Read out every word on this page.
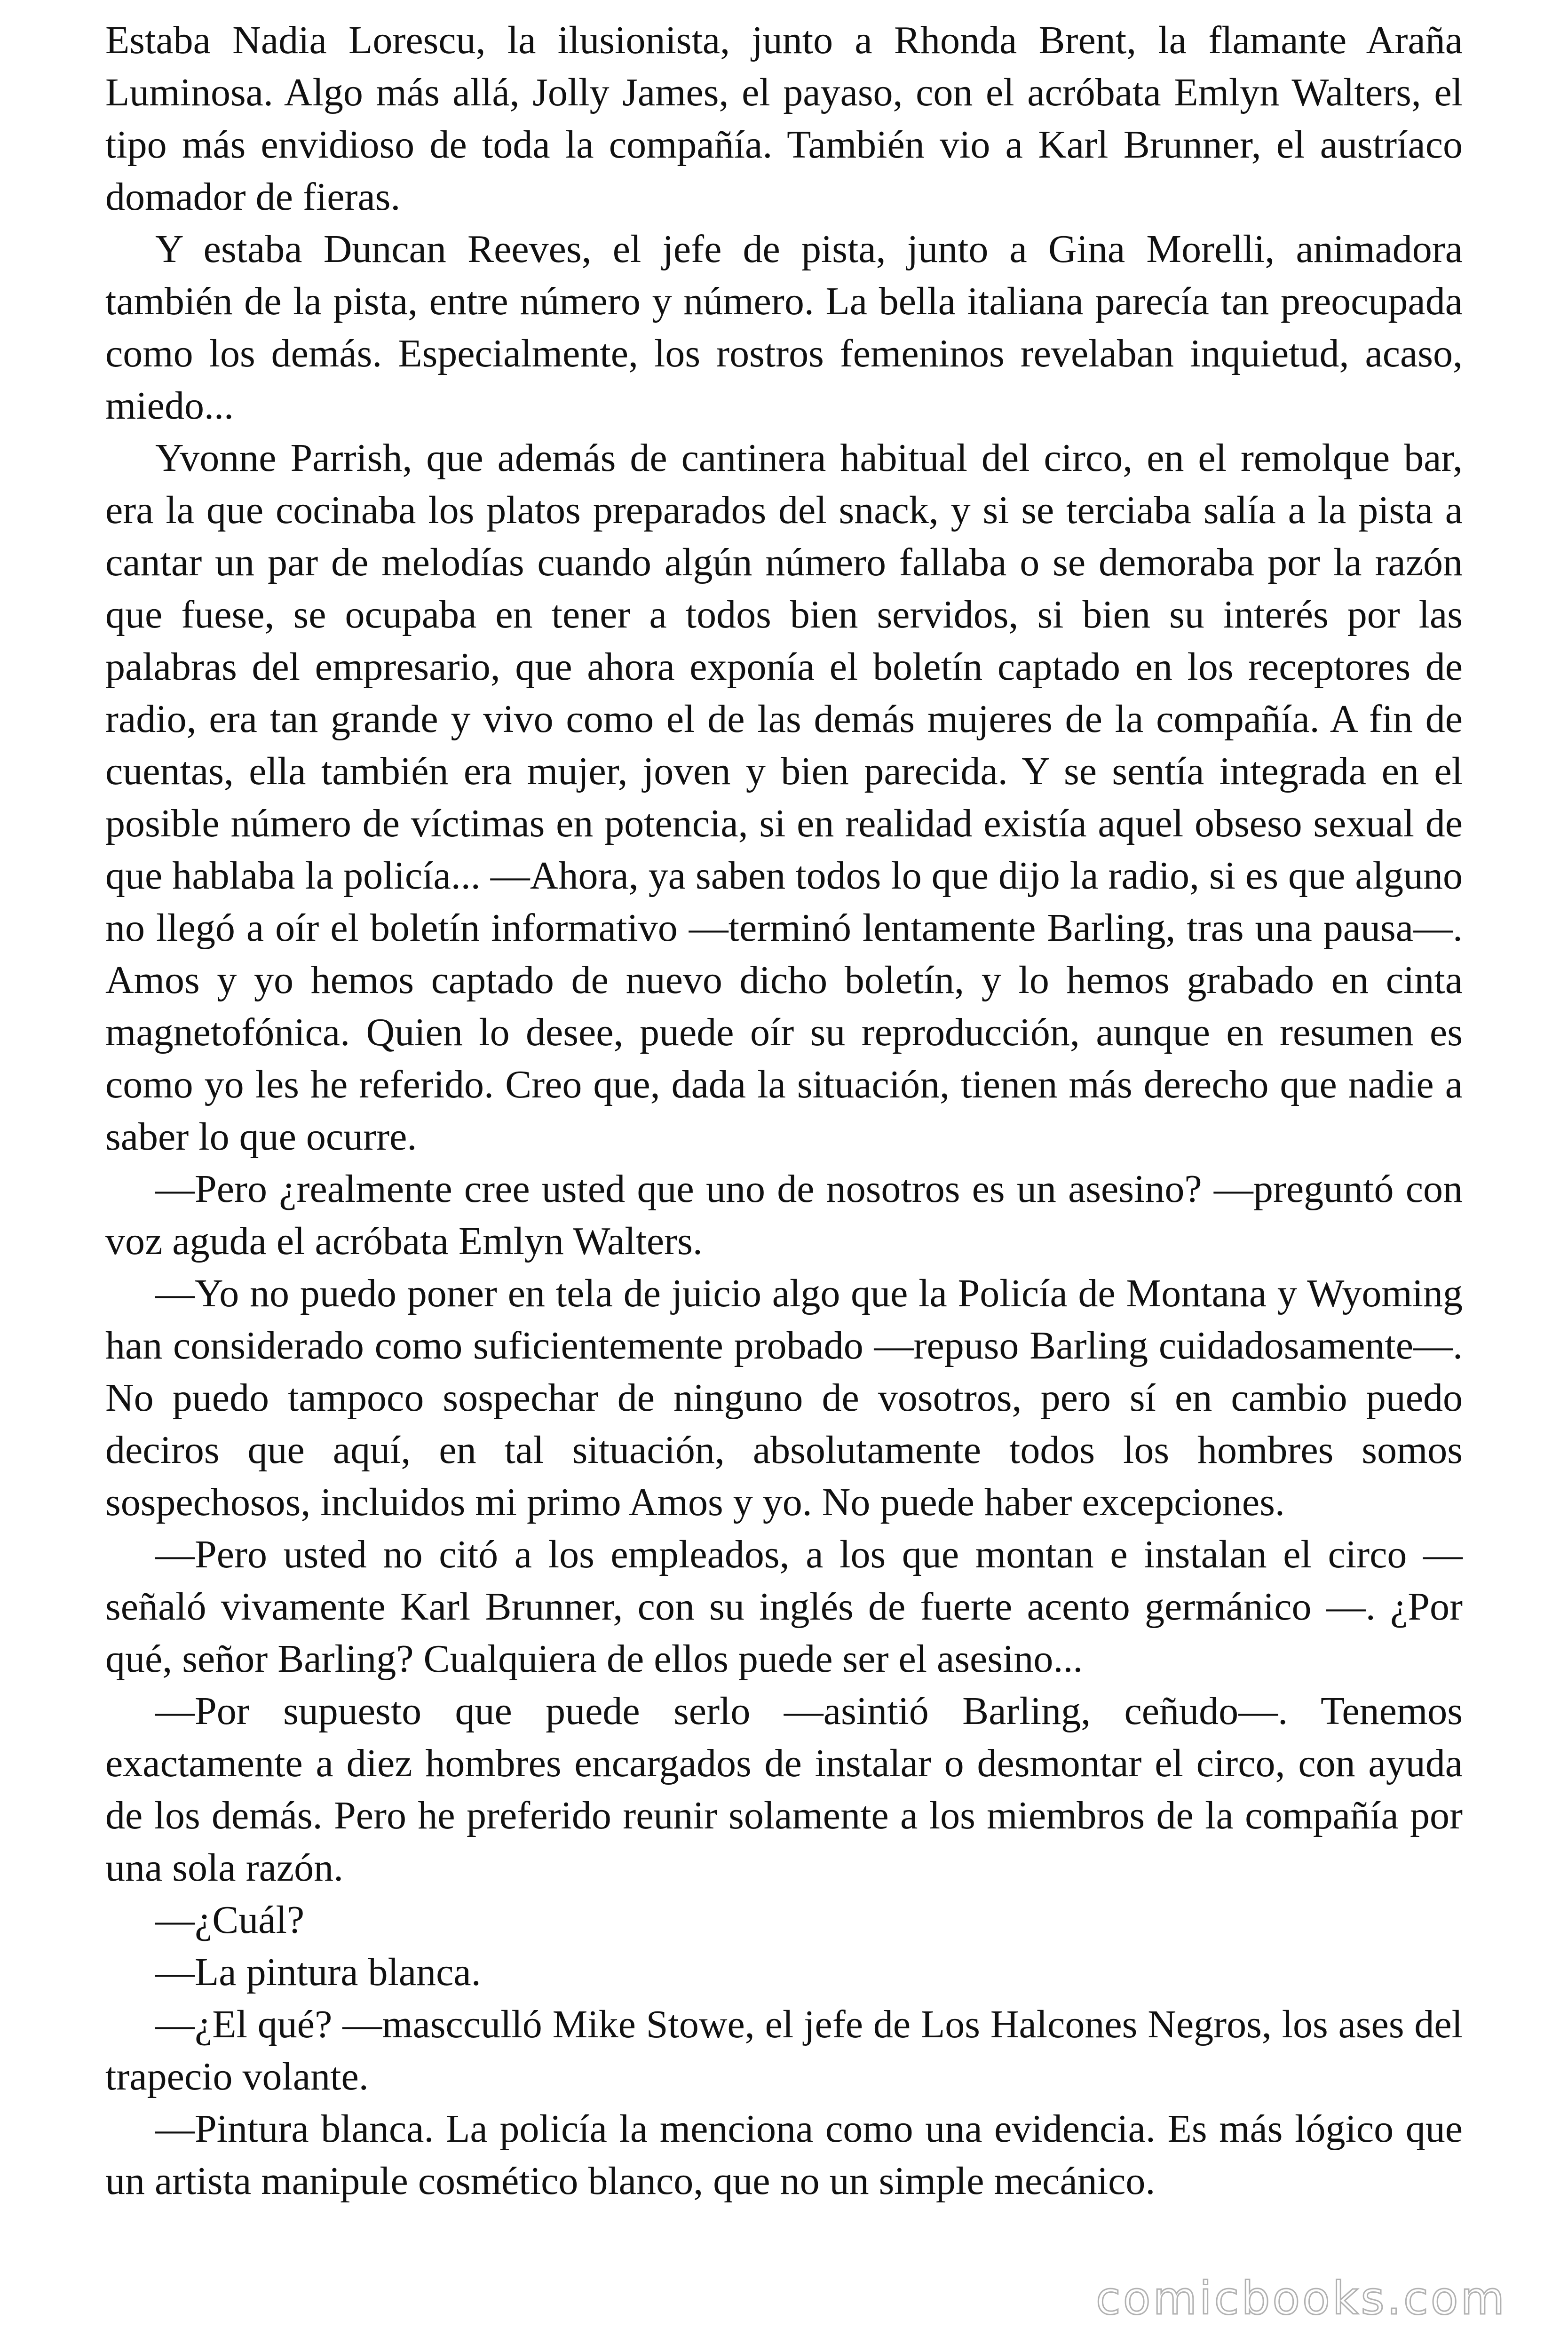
Estaba Nadia Lorescu, la ilusionista, junto a Rhonda Brent, la flamante Araña Luminosa. Algo más allá, Jolly James, el payaso, con el acróbata Emlyn Walters, el tipo más envidioso de toda la compañía. También vio a Karl Brunner, el austríaco domador de fieras.

Y estaba Duncan Reeves, el jefe de pista, junto a Gina Morelli, animadora también de la pista, entre número y número. La bella italiana parecía tan preocupada como los demás. Especialmente, los rostros femeninos revelaban inquietud, acaso, miedo...

Yvonne Parrish, que además de cantinera habitual del circo, en el remolque bar, era la que cocinaba los platos preparados del snack, y si se terciaba salía a la pista a cantar un par de melodías cuando algún número fallaba o se demoraba por la razón que fuese, se ocupaba en tener a todos bien servidos, si bien su interés por las palabras del empresario, que ahora exponía el boletín captado en los receptores de radio, era tan grande y vivo como el de las demás mujeres de la compañía. A fin de cuentas, ella también era mujer, joven y bien parecida. Y se sentía integrada en el posible número de víctimas en potencia, si en realidad existía aquel obseso sexual de que hablaba la policía... —Ahora, ya saben todos lo que dijo la radio, si es que alguno no llegó a oír el boletín informativo —terminó lentamente Barling, tras una pausa—. Amos y yo hemos captado de nuevo dicho boletín, y lo hemos grabado en cinta magnetofónica. Quien lo desee, puede oír su reproducción, aunque en resumen es como yo les he referido. Creo que, dada la situación, tienen más derecho que nadie a saber lo que ocurre.

—Pero ¿realmente cree usted que uno de nosotros es un asesino? —preguntó con voz aguda el acróbata Emlyn Walters.

—Yo no puedo poner en tela de juicio algo que la Policía de Montana y Wyoming han considerado como suficientemente probado —repuso Barling cuidadosamente—. No puedo tampoco sospechar de ninguno de vosotros, pero sí en cambio puedo deciros que aquí, en tal situación, absolutamente todos los hombres somos sospechosos, incluidos mi primo Amos y yo. No puede haber excepciones.

—Pero usted no citó a los empleados, a los que montan e instalan el circo —señaló vivamente Karl Brunner, con su inglés de fuerte acento germánico —. ¿Por qué, señor Barling? Cualquiera de ellos puede ser el asesino...

—Por supuesto que puede serlo —asintió Barling, ceñudo—. Tenemos exactamente a diez hombres encargados de instalar o desmontar el circo, con ayuda de los demás. Pero he preferido reunir solamente a los miembros de la compañía por una sola razón.

—¿Cuál?

—La pintura blanca.

—¿El qué? —mascculló Mike Stowe, el jefe de Los Halcones Negros, los ases del trapecio volante.

—Pintura blanca. La policía la menciona como una evidencia. Es más lógico que un artista manipule cosmético blanco, que no un simple mecánico.

comicbooks.com
